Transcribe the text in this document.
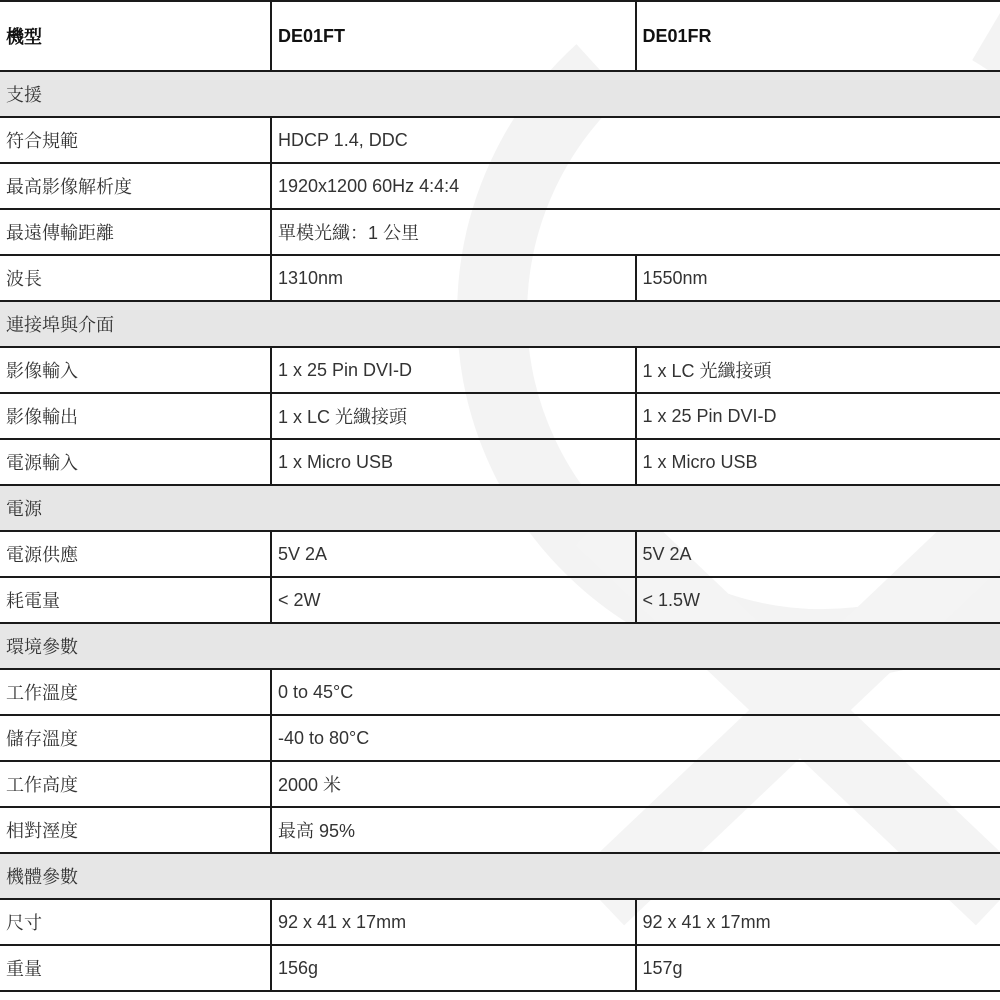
機型	DE01FT	DE01FR
支援		
符合規範	HDCP 1.4, DDC	
最高影像解析度	1920x1200 60Hz 4:4:4	
最遠傳輸距離	單模光纖：1 公里	
波長	1310nm	1550nm
連接埠與介面		
影像輸入	1 x 25 Pin DVI-D	1 x LC 光纖接頭
影像輸出	1 x LC 光纖接頭	1 x 25 Pin DVI-D
電源輸入	1 x Micro USB	1 x Micro USB
電源		
電源供應	5V 2A	5V 2A
耗電量	< 2W	< 1.5W
環境參數		
工作溫度	0 to 45°C	
儲存溫度	-40 to 80°C	
工作高度	2000 米	
相對溼度	最高 95%	
機體參數		
尺寸	92 x 41 x 17mm	92 x 41 x 17mm
重量	156g	157g
